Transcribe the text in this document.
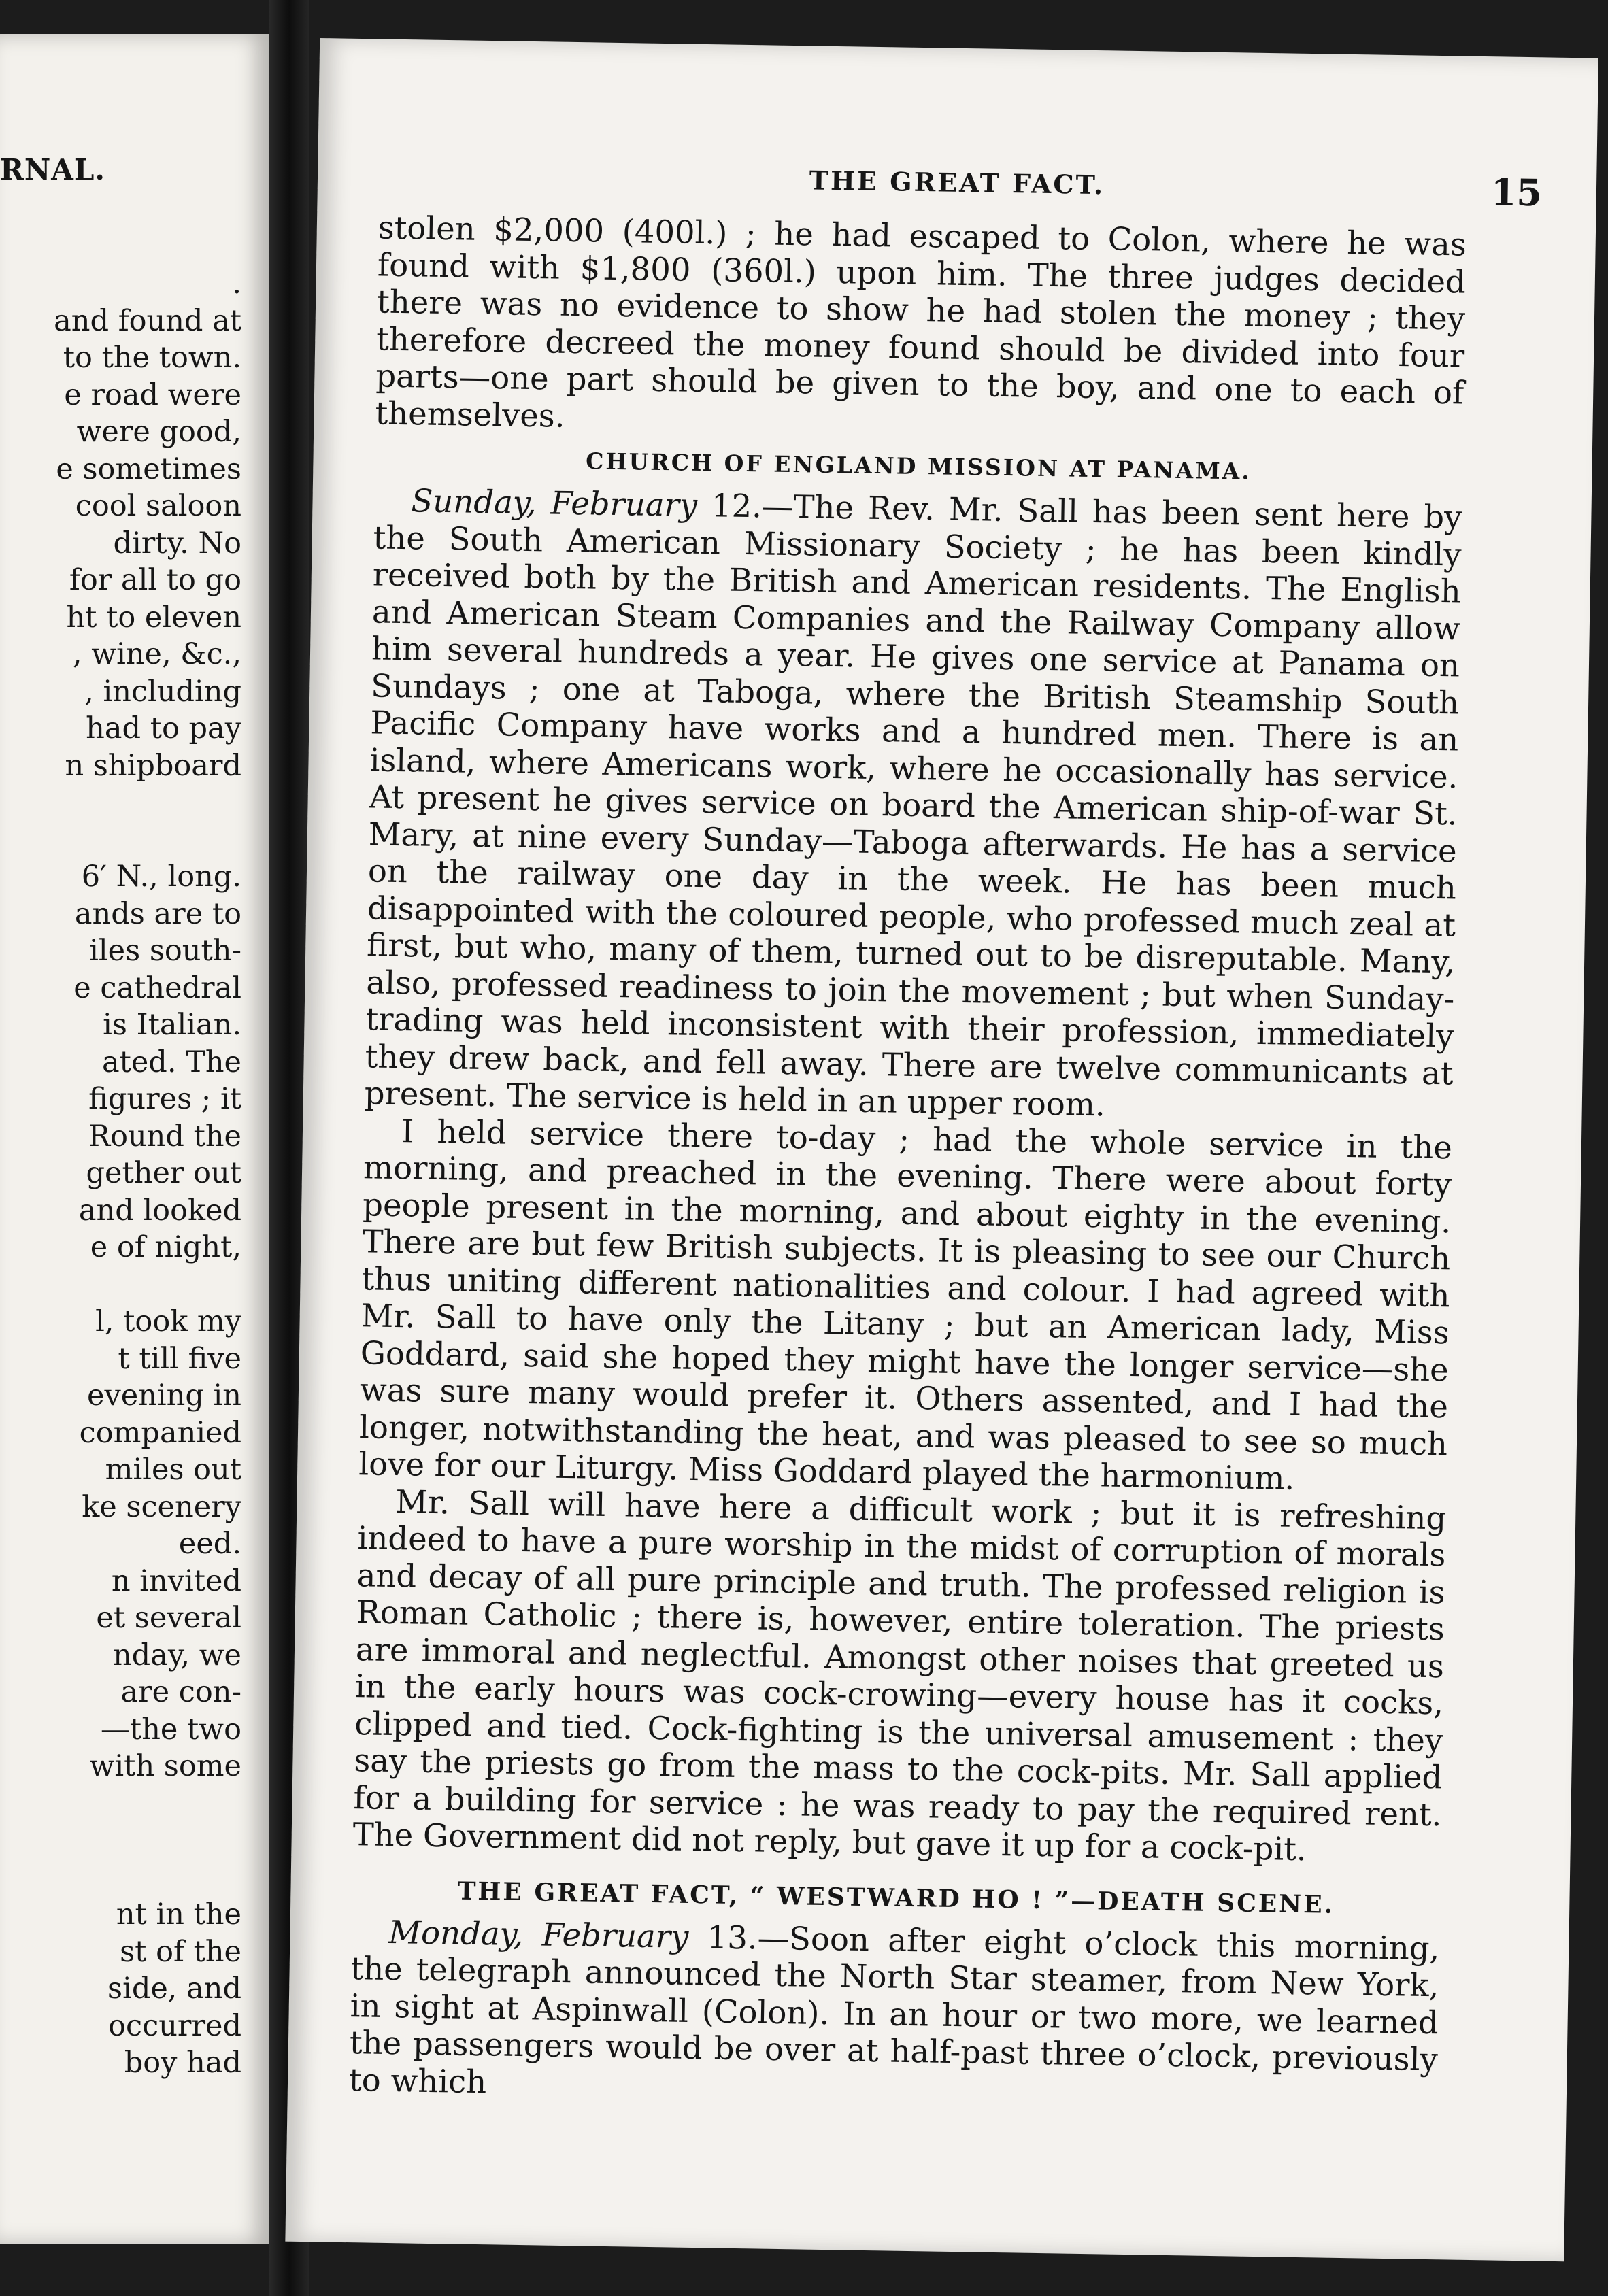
RNAL.
.
and found at
to the town.
e road were
were good,
e sometimes
cool saloon
dirty. No
for all to go
ht to eleven
, wine, &c.,
, including
had to pay
n shipboard
6′ N., long.
ands are to
iles south-
e cathedral
is Italian.
ated. The
figures ; it
Round the
gether out
and looked
e of night,
l, took my
t till five
evening in
companied
miles out
ke scenery
eed.
n invited
et several
nday, we
are con-
—the two
with some
nt in the
st of the
side, and
occurred
boy had
THE GREAT FACT.	15

stolen $2,000 (400l.) ; he had escaped to Colon, where he was found with $1,800 (360l.) upon him. The three judges decided there was no evidence to show he had stolen the money ; they therefore decreed the money found should be divided into four parts—one part should be given to the boy, and one to each of themselves.

CHURCH OF ENGLAND MISSION AT PANAMA.

Sunday, February 12.—The Rev. Mr. Sall has been sent here by the South American Missionary Society ; he has been kindly received both by the British and American residents. The English and American Steam Companies and the Railway Company allow him several hundreds a year. He gives one service at Panama on Sundays ; one at Taboga, where the British Steamship South Pacific Company have works and a hundred men. There is an island, where Americans work, where he occasionally has service. At present he gives service on board the American ship-of-war St. Mary, at nine every Sunday—Taboga afterwards. He has a service on the railway one day in the week. He has been much disappointed with the coloured people, who professed much zeal at first, but who, many of them, turned out to be disreputable. Many, also, professed readiness to join the movement ; but when Sunday-trading was held inconsistent with their profession, immediately they drew back, and fell away. There are twelve communicants at present. The service is held in an upper room.

I held service there to-day ; had the whole service in the morning, and preached in the evening. There were about forty people present in the morning, and about eighty in the evening. There are but few British subjects. It is pleasing to see our Church thus uniting different nationalities and colour. I had agreed with Mr. Sall to have only the Litany ; but an American lady, Miss Goddard, said she hoped they might have the longer service—she was sure many would prefer it. Others assented, and I had the longer, notwithstanding the heat, and was pleased to see so much love for our Liturgy. Miss Goddard played the harmonium.

Mr. Sall will have here a difficult work ; but it is refreshing indeed to have a pure worship in the midst of corruption of morals and decay of all pure principle and truth. The professed religion is Roman Catholic ; there is, however, entire toleration. The priests are immoral and neglectful. Amongst other noises that greeted us in the early hours was cock-crowing—every house has it cocks, clipped and tied. Cock-fighting is the universal amusement : they say the priests go from the mass to the cock-pits. Mr. Sall applied for a building for service : he was ready to pay the required rent. The Government did not reply, but gave it up for a cock-pit.

THE GREAT FACT, “ WESTWARD HO ! ”—DEATH SCENE.

Monday, February 13.—Soon after eight o’clock this morning, the telegraph announced the North Star steamer, from New York, in sight at Aspinwall (Colon). In an hour or two more, we learned the passengers would be over at half-past three o’clock, previously to which
